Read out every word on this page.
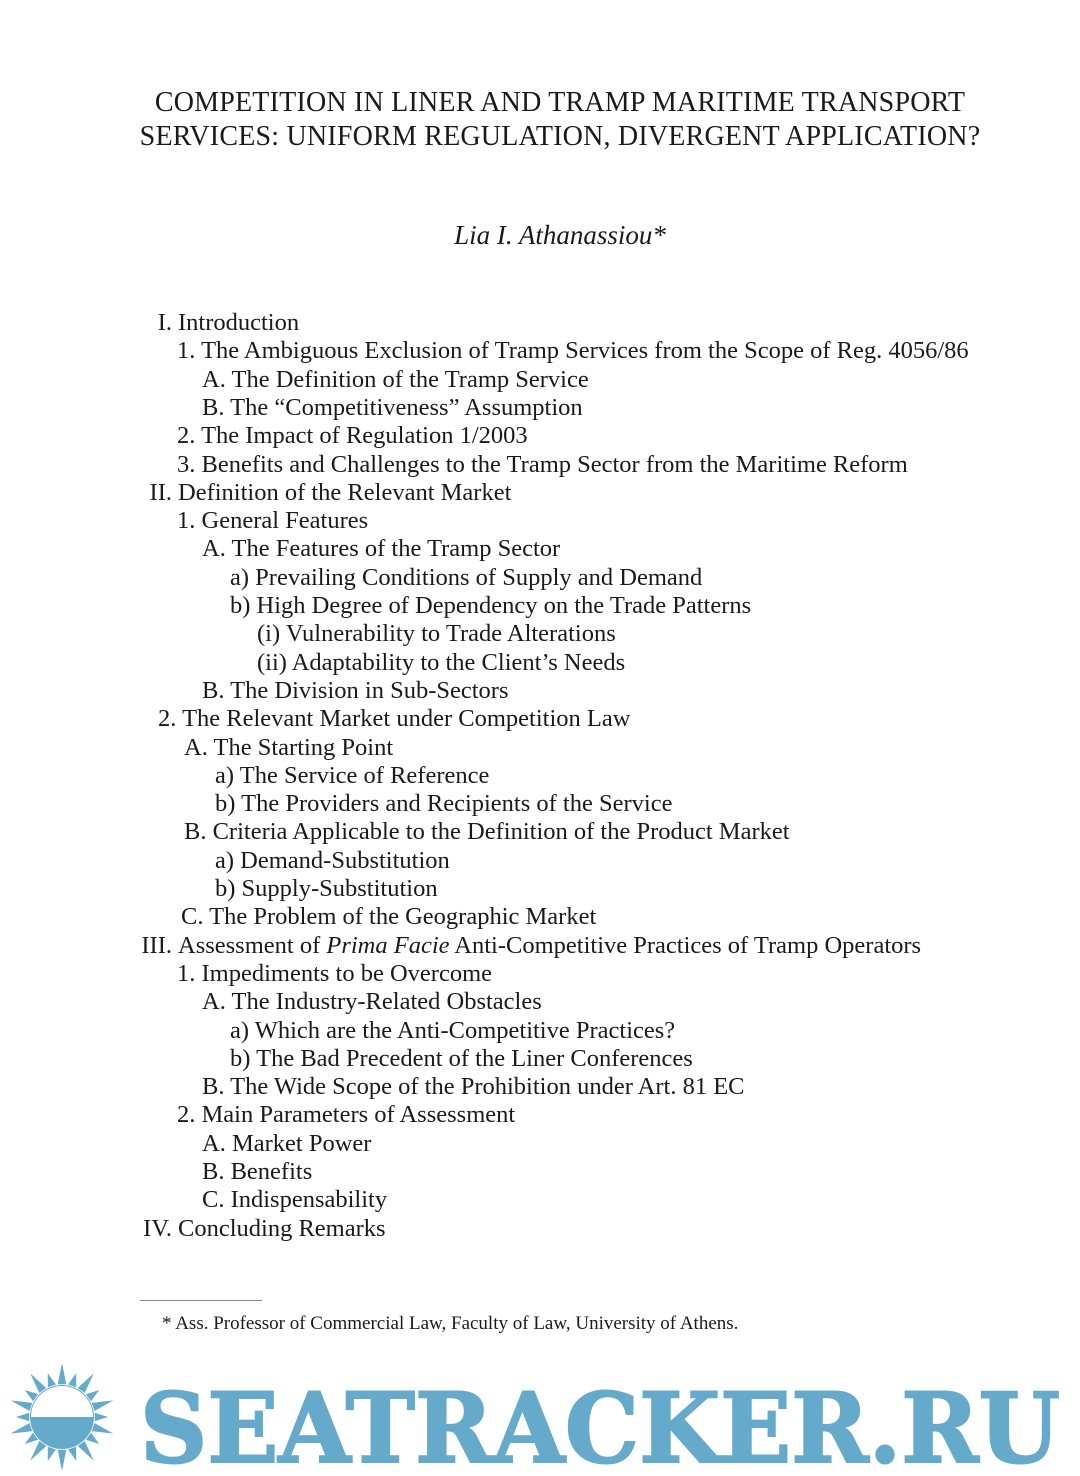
COMPETITION IN LINER AND TRAMP MARITIME TRANSPORT SERVICES: UNIFORM REGULATION, DIVERGENT APPLICATION?
Lia I. Athanassiou*
I. Introduction
1. The Ambiguous Exclusion of Tramp Services from the Scope of Reg. 4056/86
A. The Definition of the Tramp Service
B. The “Competitiveness” Assumption
2. The Impact of Regulation 1/2003
3. Benefits and Challenges to the Tramp Sector from the Maritime Reform
II. Definition of the Relevant Market
1. General Features
A. The Features of the Tramp Sector
a) Prevailing Conditions of Supply and Demand
b) High Degree of Dependency on the Trade Patterns
(i) Vulnerability to Trade Alterations
(ii) Adaptability to the Client’s Needs
B. The Division in Sub-Sectors
2. The Relevant Market under Competition Law
A. The Starting Point
a) The Service of Reference
b) The Providers and Recipients of the Service
B. Criteria Applicable to the Definition of the Product Market
a) Demand-Substitution
b) Supply-Substitution
C. The Problem of the Geographic Market
III. Assessment of Prima Facie Anti-Competitive Practices of Tramp Operators
1. Impediments to be Overcome
A. The Industry-Related Obstacles
a) Which are the Anti-Competitive Practices?
b) The Bad Precedent of the Liner Conferences
B. The Wide Scope of the Prohibition under Art. 81 EC
2. Main Parameters of Assessment
A. Market Power
B. Benefits
C. Indispensability
IV. Concluding Remarks
* Ass. Professor of Commercial Law, Faculty of Law, University of Athens.
SEATRACKER.RU
